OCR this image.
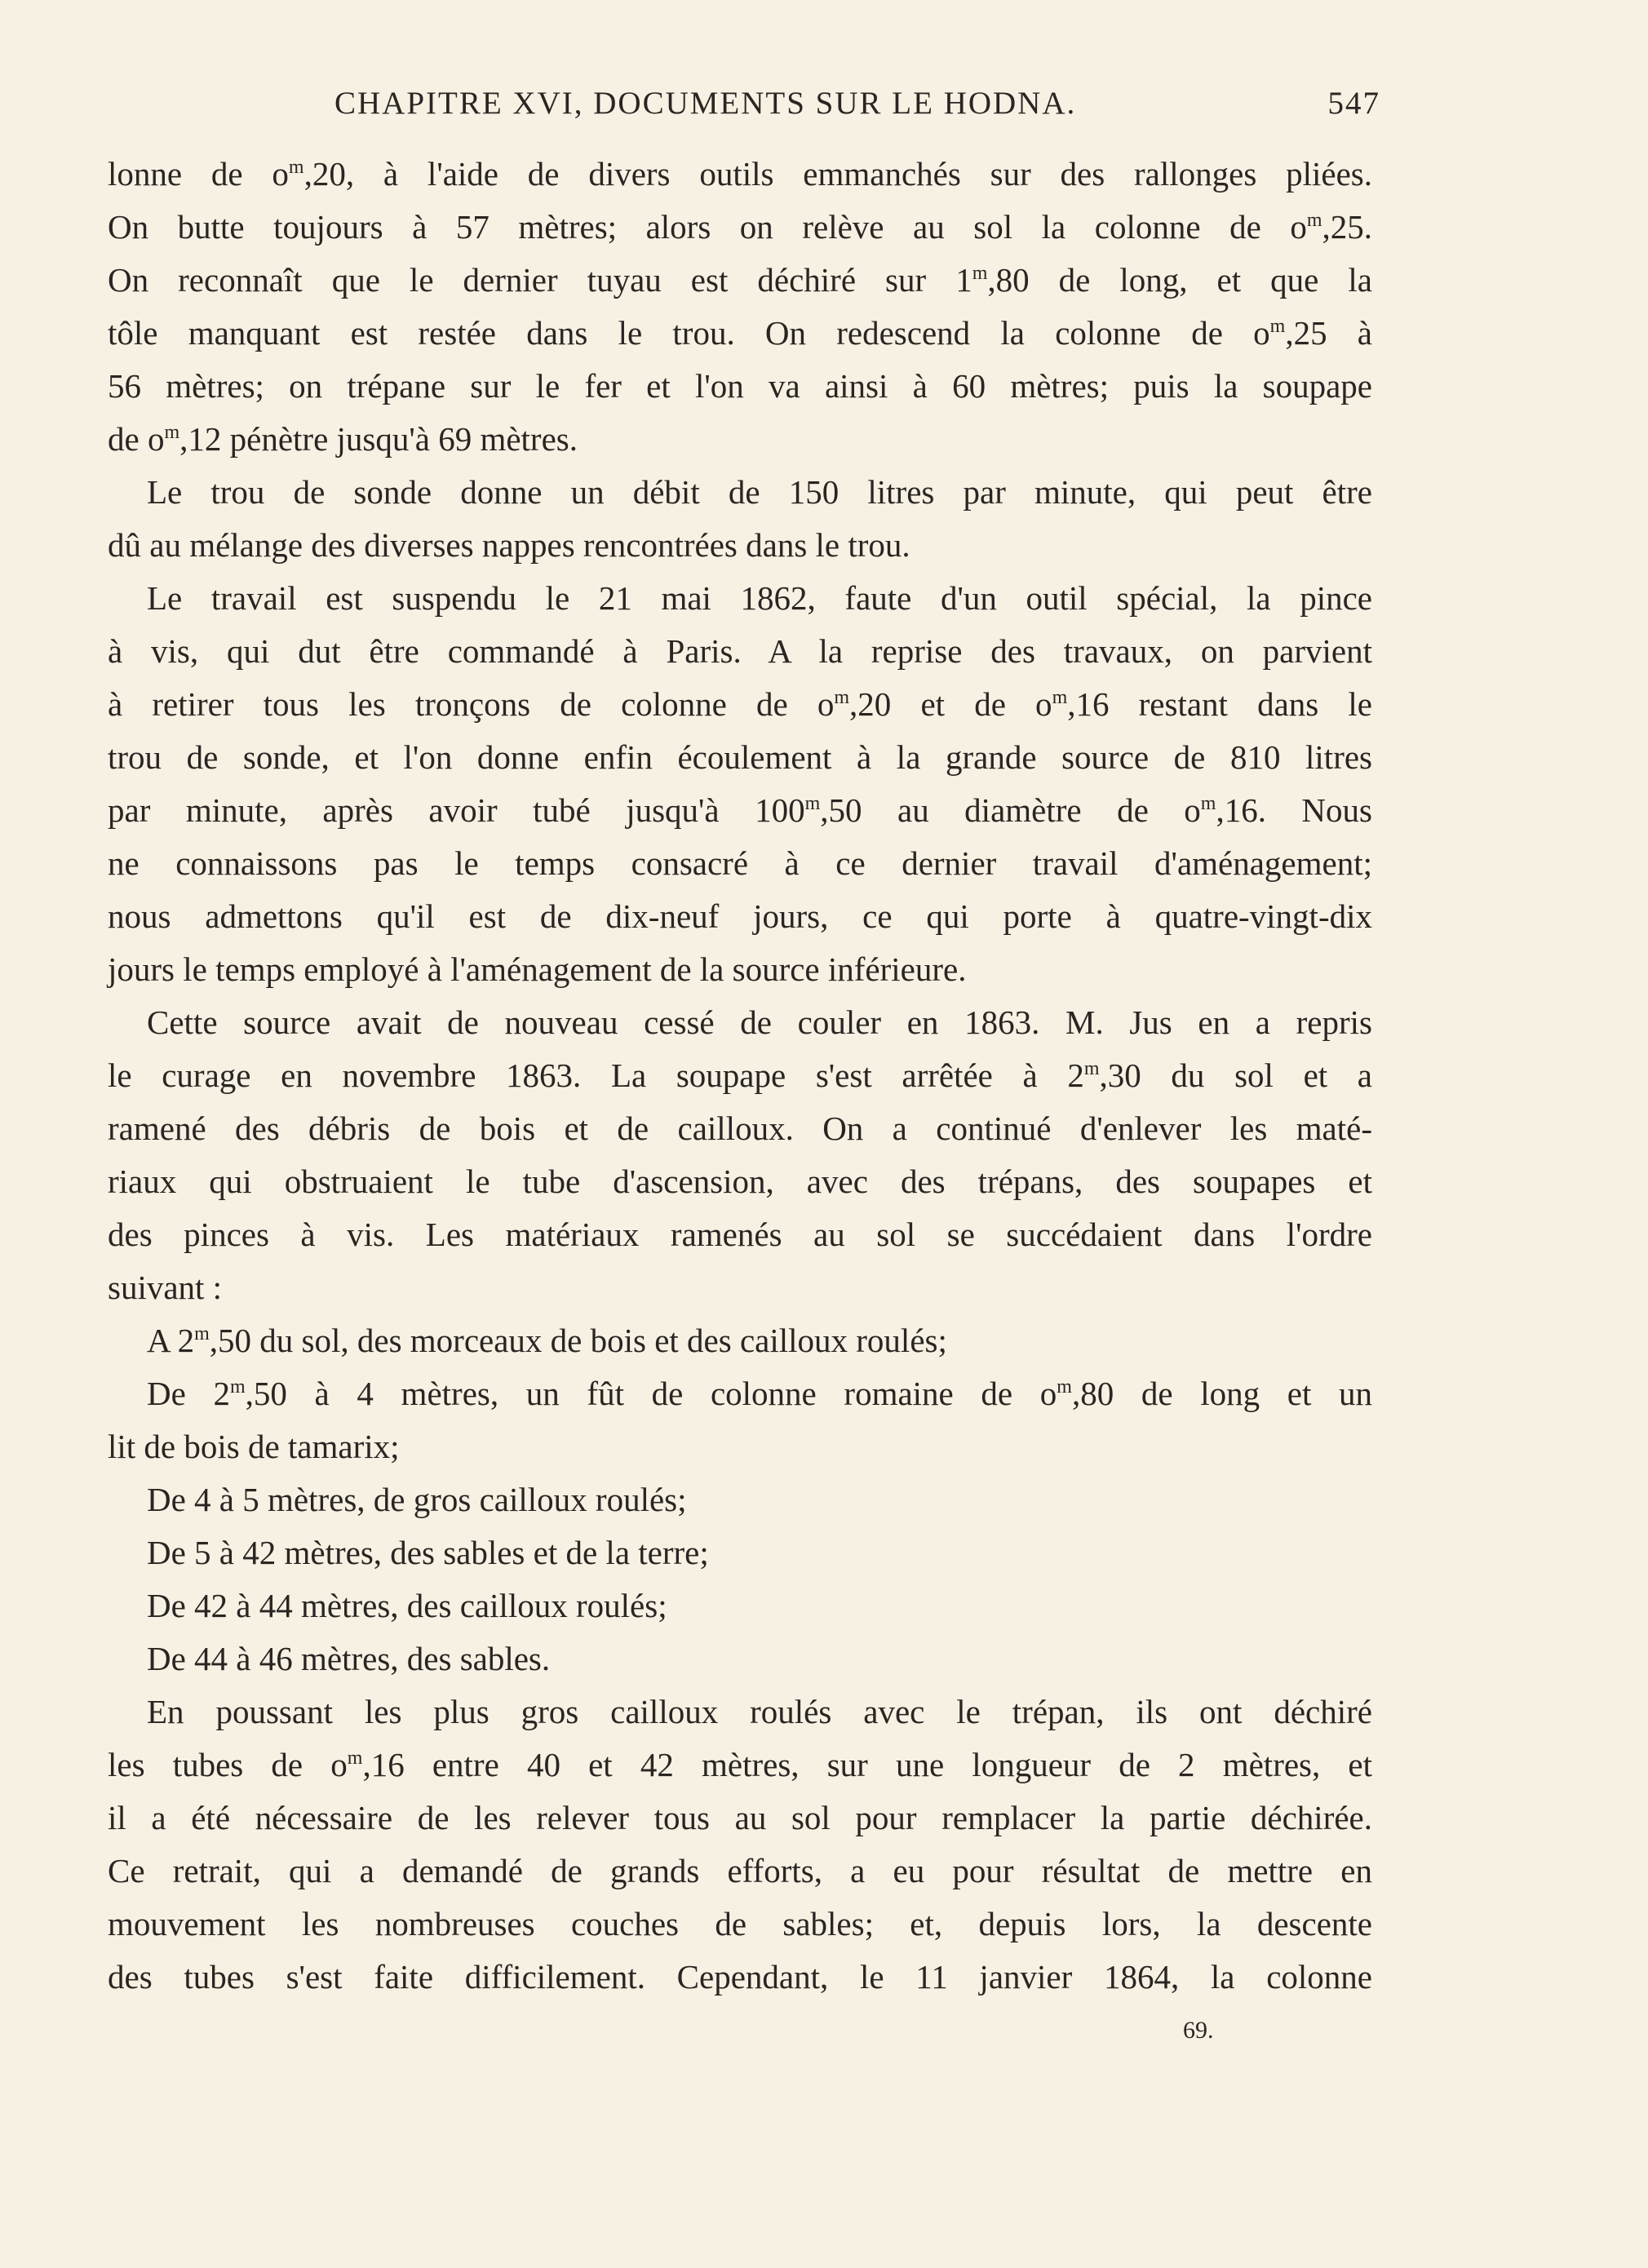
CHAPITRE XVI, DOCUMENTS SUR LE HODNA.	547

lonne de $o^m,20$, à l'aide de divers outils emmanchés sur des rallonges pliées.

On butte toujours à 57 mètres; alors on relève au sol la colonne de $o^m,25$.

On reconnaît que le dernier tuyau est déchiré sur 1$^m$,80 de long, et que la

tôle manquant est restée dans le trou. On redescend la colonne de $o^m,25$ à

56 mètres; on trépane sur le fer et l'on va ainsi à 60 mètres; puis la soupape

de $o^m,12$ pénètre jusqu'à 69 mètres.

Le trou de sonde donne un débit de 150 litres par minute, qui peut être

dû au mélange des diverses nappes rencontrées dans le trou.

Le travail est suspendu le 21 mai 1862, faute d'un outil spécial, la pince

à vis, qui dut être commandé à Paris. A la reprise des travaux, on parvient

à retirer tous les tronçons de colonne de $o^m,20$ et de $o^m,16$ restant dans le

trou de sonde, et l'on donne enfin écoulement à la grande source de 810 litres

par minute, après avoir tubé jusqu'à 100$^m$,50 au diamètre de $o^m,16$. Nous

ne connaissons pas le temps consacré à ce dernier travail d'aménagement;

nous admettons qu'il est de dix-neuf jours, ce qui porte à quatre-vingt-dix

jours le temps employé à l'aménagement de la source inférieure.

Cette source avait de nouveau cessé de couler en 1863. M. Jus en a repris

le curage en novembre 1863. La soupape s'est arrêtée à 2$^m$,30 du sol et a

ramené des débris de bois et de cailloux. On a continué d'enlever les maté-

riaux qui obstruaient le tube d'ascension, avec des trépans, des soupapes et

des pinces à vis. Les matériaux ramenés au sol se succédaient dans l'ordre

suivant :

A 2$^m$,50 du sol, des morceaux de bois et des cailloux roulés;

De 2$^m$,50 à 4 mètres, un fût de colonne romaine de $o^m,80$ de long et un

lit de bois de tamarix;

De 4 à 5 mètres, de gros cailloux roulés;

De 5 à 42 mètres, des sables et de la terre;

De 42 à 44 mètres, des cailloux roulés;

De 44 à 46 mètres, des sables.

En poussant les plus gros cailloux roulés avec le trépan, ils ont déchiré

les tubes de $o^m,16$ entre 40 et 42 mètres, sur une longueur de 2 mètres, et

il a été nécessaire de les relever tous au sol pour remplacer la partie déchirée.

Ce retrait, qui a demandé de grands efforts, a eu pour résultat de mettre en

mouvement les nombreuses couches de sables; et, depuis lors, la descente

des tubes s'est faite difficilement. Cependant, le 11 janvier 1864, la colonne

69.
